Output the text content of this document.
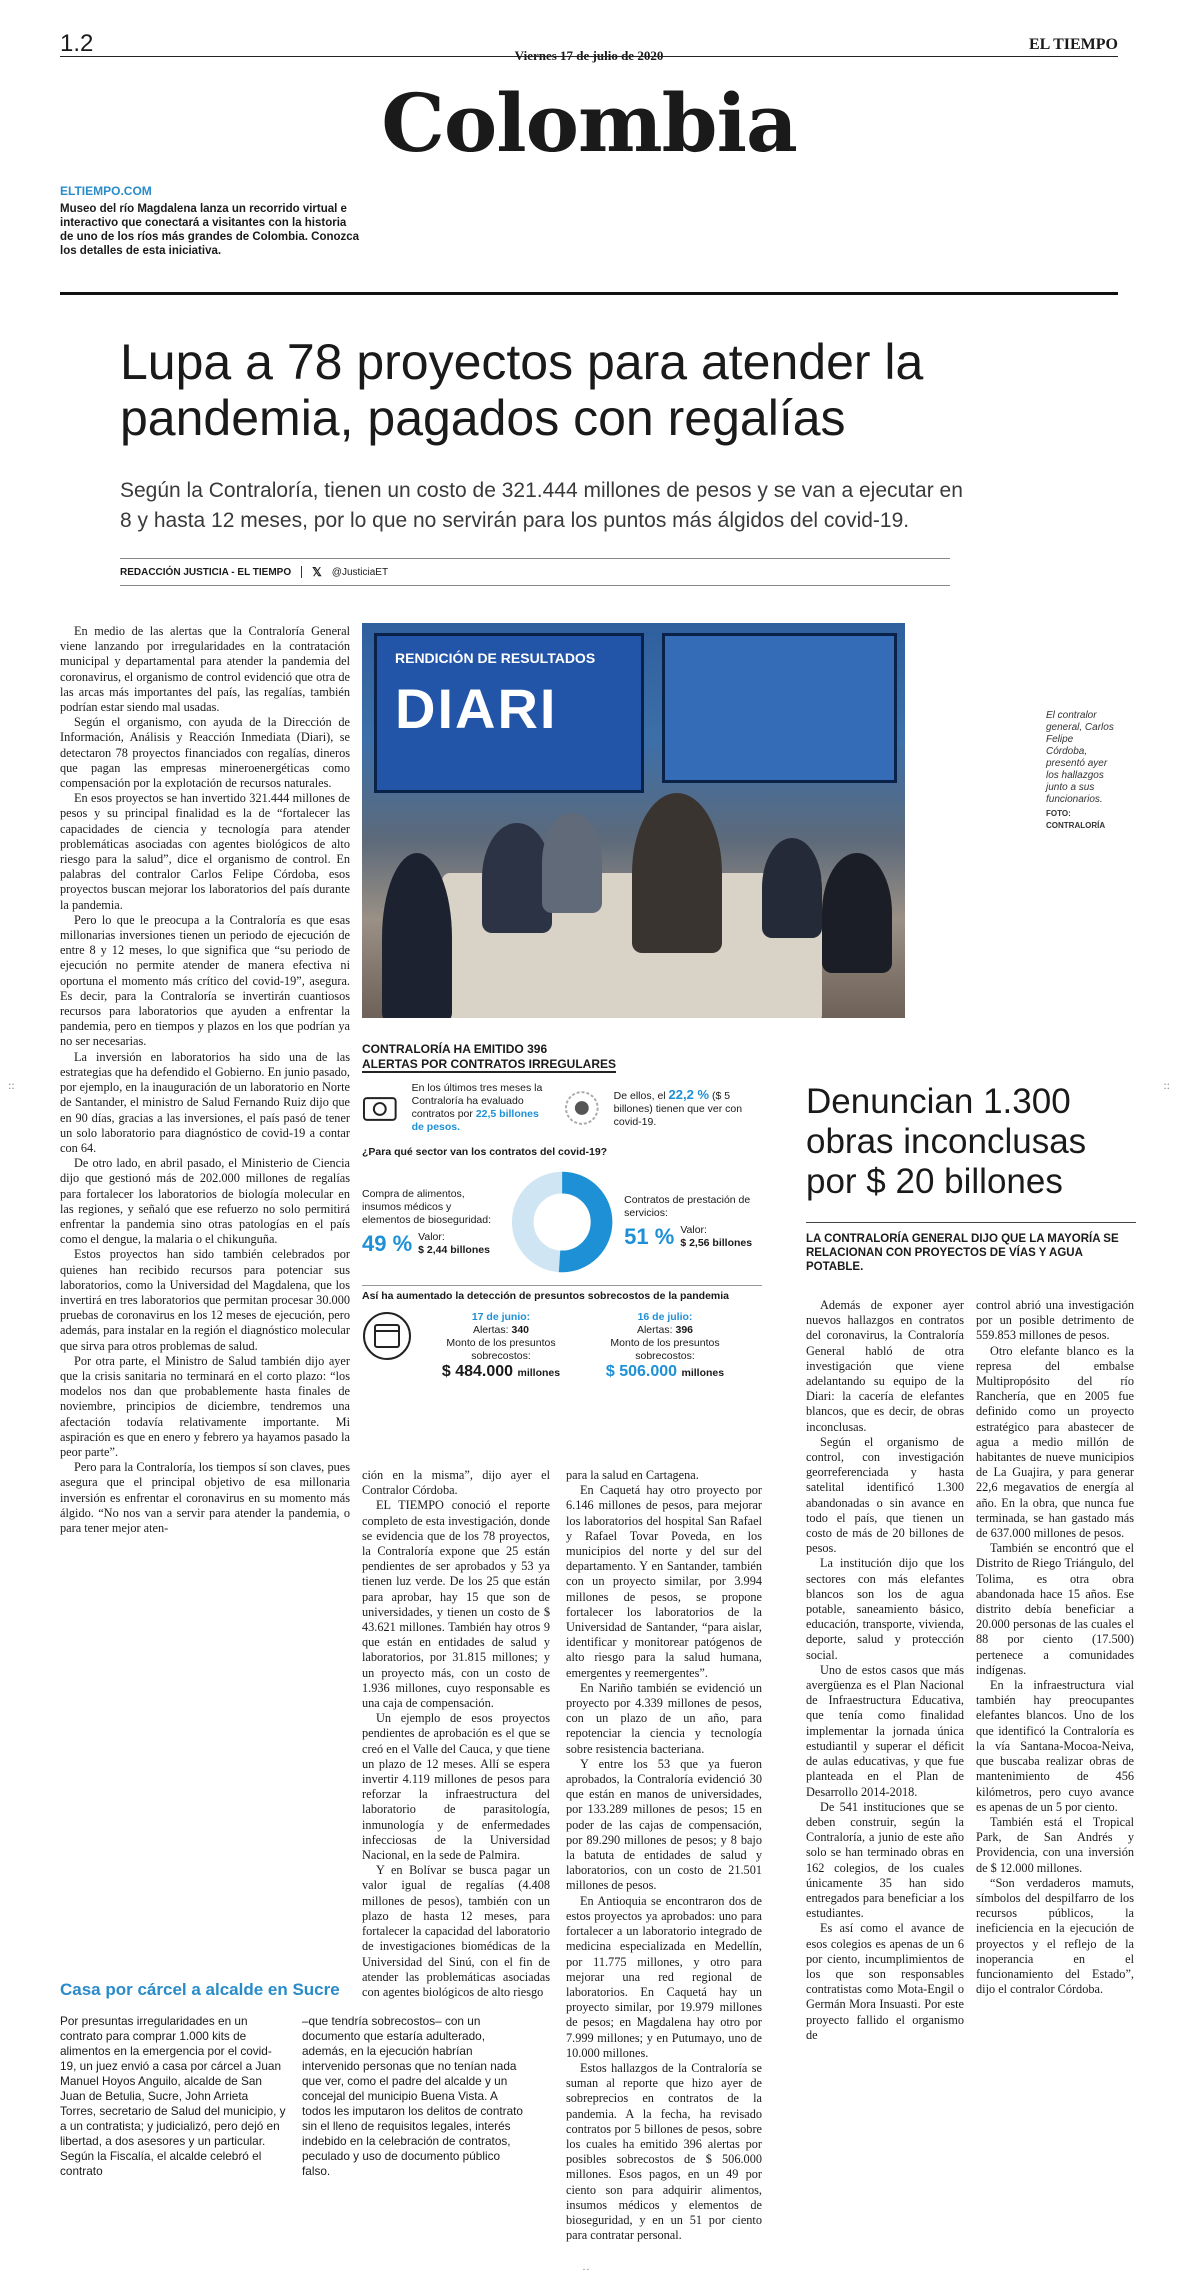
1.2	Viernes 17 de julio de 2020
EL TIEMPO
Colombia
ELTIEMPO.COM
Museo del río Magdalena lanza un recorrido virtual e interactivo que conectará a visitantes con la historia de uno de los ríos más grandes de Colombia. Conozca los detalles de esta iniciativa.
Lupa a 78 proyectos para atender la pandemia, pagados con regalías
Según la Contraloría, tienen un costo de 321.444 millones de pesos y se van a ejecutar en 8 y hasta 12 meses, por lo que no servirán para los puntos más álgidos del covid-19.
REDACCIÓN JUSTICIA - EL TIEMPO 𝕏 @JusticiaET

En medio de las alertas que la Contraloría General viene lanzando por irregularidades en la contratación municipal y departamental para atender la pandemia del coronavirus, el organismo de control evidenció que otra de las arcas más importantes del país, las regalías, también podrían estar siendo mal usadas.

Según el organismo, con ayuda de la Dirección de Información, Análisis y Reacción Inmediata (Diari), se detectaron 78 proyectos financiados con regalías, dineros que pagan las empresas mineroenergéticas como compensación por la explotación de recursos naturales.

En esos proyectos se han invertido 321.444 millones de pesos y su principal finalidad es la de “fortalecer las capacidades de ciencia y tecnología para atender problemáticas asociadas con agentes biológicos de alto riesgo para la salud”, dice el organismo de control. En palabras del contralor Carlos Felipe Córdoba, esos proyectos buscan mejorar los laboratorios del país durante la pandemia.

Pero lo que le preocupa a la Contraloría es que esas millonarias inversiones tienen un periodo de ejecución de entre 8 y 12 meses, lo que significa que “su periodo de ejecución no permite atender de manera efectiva ni oportuna el momento más crítico del covid-19”, asegura. Es decir, para la Contraloría se invertirán cuantiosos recursos para laboratorios que ayuden a enfrentar la pandemia, pero en tiempos y plazos en los que podrían ya no ser necesarias.

La inversión en laboratorios ha sido una de las estrategias que ha defendido el Gobierno. En junio pasado, por ejemplo, en la inauguración de un laboratorio en Norte de Santander, el ministro de Salud Fernando Ruiz dijo que en 90 días, gracias a las inversiones, el país pasó de tener un solo laboratorio para diagnóstico de covid-19 a contar con 64.

De otro lado, en abril pasado, el Ministerio de Ciencia dijo que gestionó más de 202.000 millones de regalías para fortalecer los laboratorios de biología molecular en las regiones, y señaló que ese refuerzo no solo permitirá enfrentar la pandemia sino otras patologías en el país como el dengue, la malaria o el chikunguña.

Estos proyectos han sido también celebrados por quienes han recibido recursos para potenciar sus laboratorios, como la Universidad del Magdalena, que los invertirá en tres laboratorios que permitan procesar 30.000 pruebas de coronavirus en los 12 meses de ejecución, pero además, para instalar en la región el diagnóstico molecular que sirva para otros problemas de salud.

Por otra parte, el Ministro de Salud también dijo ayer que la crisis sanitaria no terminará en el corto plazo: “los modelos nos dan que probablemente hasta finales de noviembre, principios de diciembre, tendremos una afectación todavía relativamente importante. Mi aspiración es que en enero y febrero ya hayamos pasado la peor parte”.

Pero para la Contraloría, los tiempos sí son claves, pues asegura que el principal objetivo de esa millonaria inversión es enfrentar el coronavirus en su momento más álgido. “No nos van a servir para atender la pandemia, o para tener mejor aten-

RENDICIÓN DE RESULTADOS
DIARI	El contralor general, Carlos Felipe Córdoba, presentó ayer los hallazgos junto a sus funcionarios.
FOTO: CONTRALORÍA
CONTRALORÍA HA EMITIDO 396
ALERTAS POR CONTRATOS IRREGULARES
En los últimos tres meses la Contraloría ha evaluado contratos por 22,5 billones de pesos.
De ellos, el 22,2 % ($ 5 billones) tienen que ver con covid-19.
¿Para qué sector van los contratos del covid-19?
Compra de alimentos, insumos médicos y elementos de bioseguridad:
49 % Valor:
$ 2,44 billones
Contratos de prestación de servicios:
51 % Valor:
$ 2,56 billones
Así ha aumentado la detección de presuntos sobrecostos de la pandemia
17 de junio:
Alertas: 340
Monto de los presuntos sobrecostos:
$ 484.000 millones
16 de julio:
Alertas: 396
Monto de los presuntos sobrecostos:
$ 506.000 millones

ción en la misma”, dijo ayer el Contralor Córdoba.

EL TIEMPO conoció el reporte completo de esta investigación, donde se evidencia que de los 78 proyectos, la Contraloría expone que 25 están pendientes de ser aprobados y 53 ya tienen luz verde. De los 25 que están para aprobar, hay 15 que son de universidades, y tienen un costo de $ 43.621 millones. También hay otros 9 que están en entidades de salud y laboratorios, por 31.815 millones; y un proyecto más, con un costo de 1.936 millones, cuyo responsable es una caja de compensación.

Un ejemplo de esos proyectos pendientes de aprobación es el que se creó en el Valle del Cauca, y que tiene un plazo de 12 meses. Allí se espera invertir 4.119 millones de pesos para reforzar la infraestructura del laboratorio de parasitología, inmunología y de enfermedades infecciosas de la Universidad Nacional, en la sede de Palmira.

Y en Bolívar se busca pagar un valor igual de regalías (4.408 millones de pesos), también con un plazo de hasta 12 meses, para fortalecer la capacidad del laboratorio de investigaciones biomédicas de la Universidad del Sinú, con el fin de atender las problemáticas asociadas con agentes biológicos de alto riesgo

para la salud en Cartagena.

En Caquetá hay otro proyecto por 6.146 millones de pesos, para mejorar los laboratorios del hospital San Rafael y Rafael Tovar Poveda, en los municipios del norte y del sur del departamento. Y en Santander, también con un proyecto similar, por 3.994 millones de pesos, se propone fortalecer los laboratorios de la Universidad de Santander, “para aislar, identificar y monitorear patógenos de alto riesgo para la salud humana, emergentes y reemergentes”.

En Nariño también se evidenció un proyecto por 4.339 millones de pesos, con un plazo de un año, para repotenciar la ciencia y tecnología sobre resistencia bacteriana.

Y entre los 53 que ya fueron aprobados, la Contraloría evidenció 30 que están en manos de universidades, por 133.289 millones de pesos; 15 en poder de las cajas de compensación, por 89.290 millones de pesos; y 8 bajo la batuta de entidades de salud y laboratorios, con un costo de 21.501 millones de pesos.

En Antioquia se encontraron dos de estos proyectos ya aprobados: uno para fortalecer a un laboratorio integrado de medicina especializada en Medellín, por 11.775 millones, y otro para mejorar una red regional de laboratorios. En Caquetá hay un proyecto similar, por 19.979 millones de pesos; en Magdalena hay otro por 7.999 millones; y en Putumayo, uno de 10.000 millones.

Estos hallazgos de la Contraloría se suman al reporte que hizo ayer de sobreprecios en contratos de la pandemia. A la fecha, ha revisado contratos por 5 billones de pesos, sobre los cuales ha emitido 396 alertas por posibles sobrecostos de $ 506.000 millones. Esos pagos, en un 49 por ciento son para adquirir alimentos, insumos médicos y elementos de bioseguridad, y en un 51 por ciento para contratar personal.

Denuncian 1.300 obras inconclusas por $ 20 billones
LA CONTRALORÍA GENERAL DIJO QUE LA MAYORÍA SE RELACIONAN CON PROYECTOS DE VÍAS Y AGUA POTABLE.

Además de exponer ayer nuevos hallazgos en contratos del coronavirus, la Contraloría General habló de otra investigación que viene adelantando su equipo de la Diari: la cacería de elefantes blancos, que es decir, de obras inconclusas.

Según el organismo de control, con investigación georreferenciada y hasta satelital identificó 1.300 abandonadas o sin avance en todo el país, que tienen un costo de más de 20 billones de pesos.

La institución dijo que los sectores con más elefantes blancos son los de agua potable, saneamiento básico, educación, transporte, vivienda, deporte, salud y protección social.

Uno de estos casos que más avergüenza es el Plan Nacional de Infraestructura Educativa, que tenía como finalidad implementar la jornada única estudiantil y superar el déficit de aulas educativas, y que fue planteada en el Plan de Desarrollo 2014-2018.

De 541 instituciones que se deben construir, según la Contraloría, a junio de este año solo se han terminado obras en 162 colegios, de los cuales únicamente 35 han sido entregados para beneficiar a los estudiantes.

Es así como el avance de esos colegios es apenas de un 6 por ciento, incumplimientos de los que son responsables contratistas como Mota-Engil o Germán Mora Insuasti. Por este proyecto fallido el organismo de

control abrió una investigación por un posible detrimento de 559.853 millones de pesos.

Otro elefante blanco es la represa del embalse Multipropósito del río Ranchería, que en 2005 fue definido como un proyecto estratégico para abastecer de agua a medio millón de habitantes de nueve municipios de La Guajira, y para generar 22,6 megavatios de energía al año. En la obra, que nunca fue terminada, se han gastado más de 637.000 millones de pesos.

También se encontró que el Distrito de Riego Triángulo, del Tolima, es otra obra abandonada hace 15 años. Ese distrito debía beneficiar a 20.000 personas de las cuales el 88 por ciento (17.500) pertenece a comunidades indígenas.

En la infraestructura vial también hay preocupantes elefantes blancos. Uno de los que identificó la Contraloría es la vía Santana-Mocoa-Neiva, que buscaba realizar obras de mantenimiento de 456 kilómetros, pero cuyo avance es apenas de un 5 por ciento.

También está el Tropical Park, de San Andrés y Providencia, con una inversión de $ 12.000 millones.

“Son verdaderos mamuts, símbolos del despilfarro de los recursos públicos, la ineficiencia en la ejecución de proyectos y el reflejo de la inoperancia en el funcionamiento del Estado”, dijo el contralor Córdoba.

Casa por cárcel a alcalde en Sucre
Por presuntas irregularidades en un contrato para comprar 1.000 kits de alimentos en la emergencia por el covid-19, un juez envió a casa por cárcel a Juan Manuel Hoyos Anguilo, alcalde de San Juan de Betulia, Sucre, John Arrieta Torres, secretario de Salud del municipio, y a un contratista; y judicializó, pero dejó en libertad, a dos asesores y un particular. Según la Fiscalía, el alcalde celebró el contrato
–que tendría sobrecostos– con un documento que estaría adulterado, además, en la ejecución habrían intervenido personas que no tenían nada que ver, como el padre del alcalde y un concejal del municipio Buena Vista. A todos les imputaron los delitos de contrato sin el lleno de requisitos legales, interés indebido en la celebración de contratos, peculado y uso de documento público falso.
::	::
··
